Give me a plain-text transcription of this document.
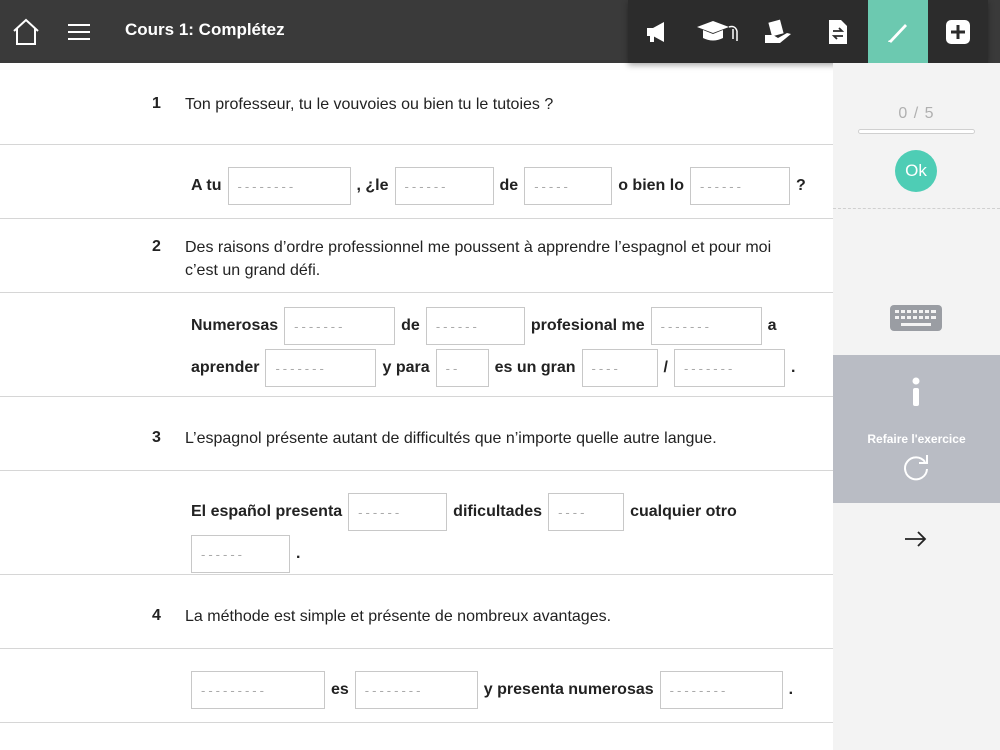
Cours 1: Complétez
1 Ton professeur, tu le vouvoies ou bien tu le tutoies ?
A tu	--------	, ¿le	------	de	-----	o bien lo	------	?
2 Des raisons d’ordre professionnel me poussent à apprendre l’espagnol et pour moi c’est un grand défi.
Numerosas	-------	de	------	profesional me	-------	a
aprender	-------	y para	--	es un gran	----	/	-------	.
3 L’espagnol présente autant de difficultés que n’importe quelle autre langue.
El español presenta	------	dificultades	----	cualquier otro
------	.
4 La méthode est simple et présente de nombreux avantages.
---------	es	--------	y presenta numerosas	--------	.
0 / 5
Ok
Refaire l'exercice
